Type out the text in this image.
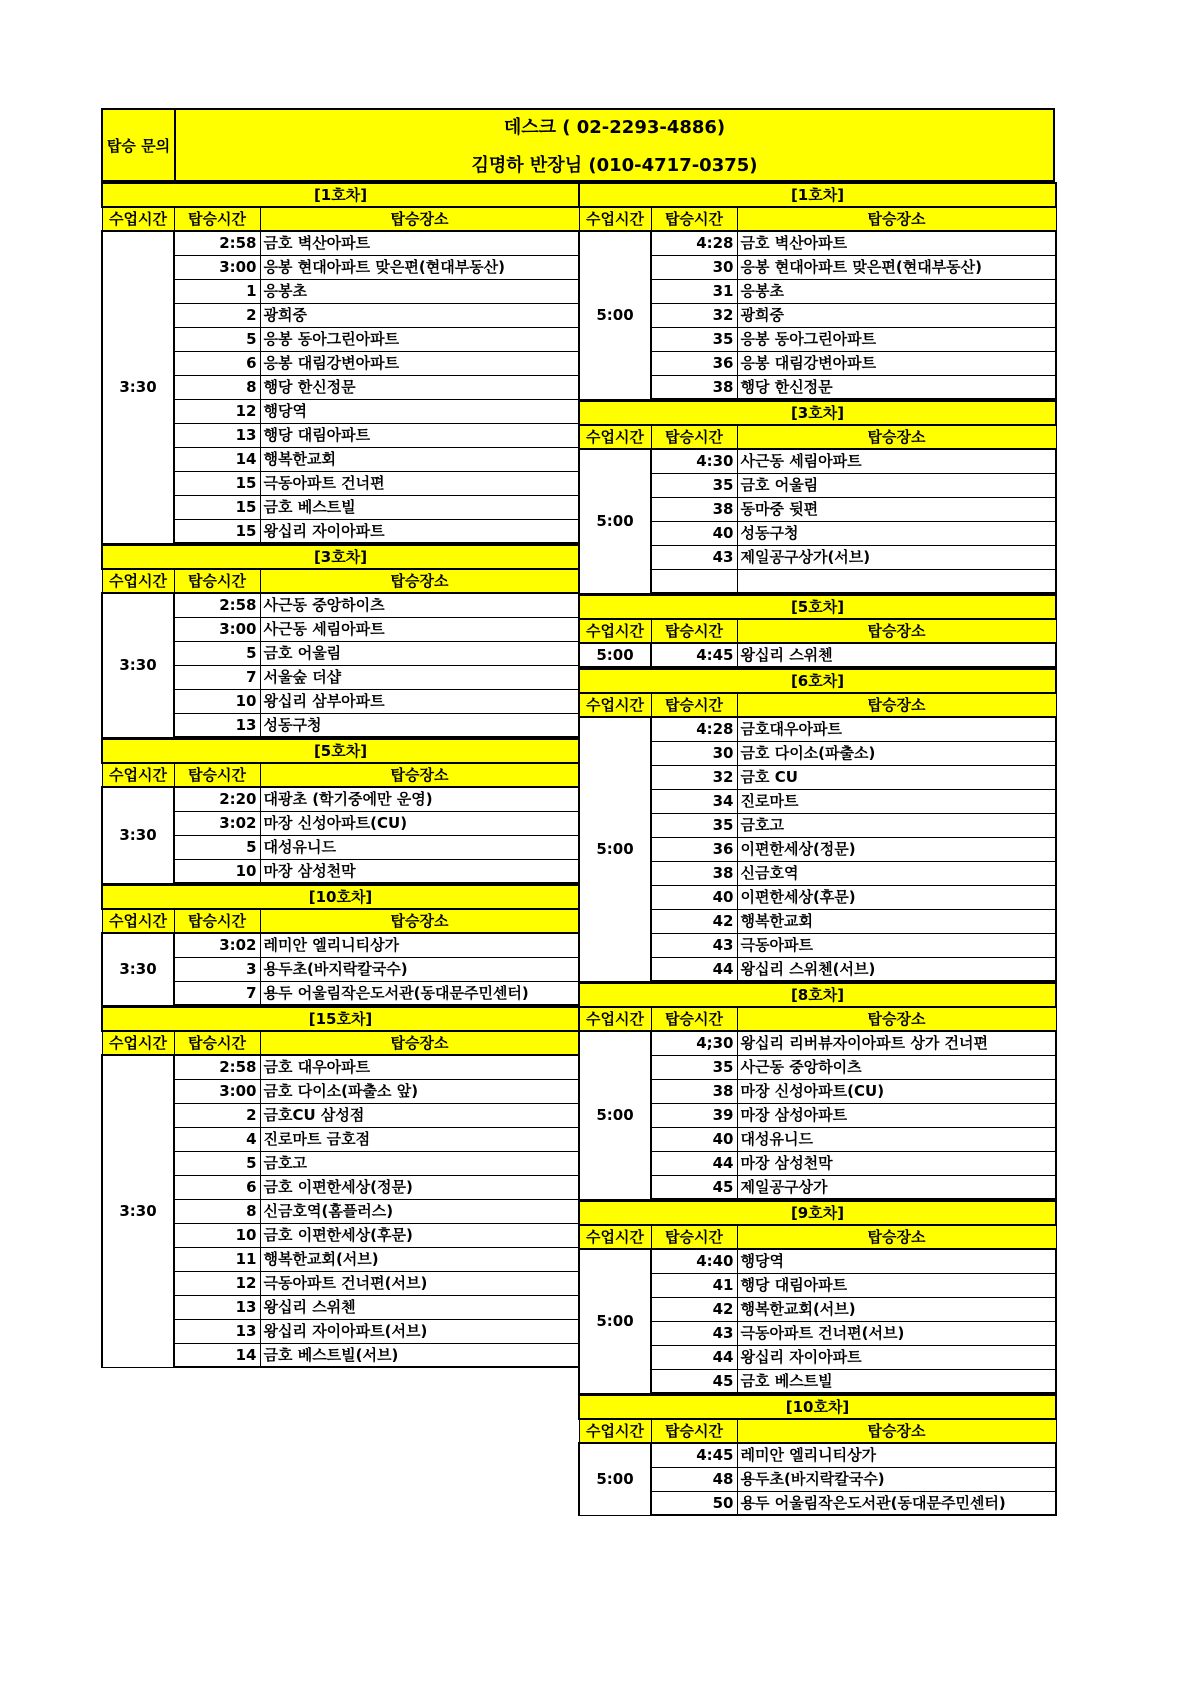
탑승 문의
데스크 ( 02-2293-4886)
김명하 반장님 (010-4717-0375)
[1호차]		
수업시간	탑승시간	탑승장소
3:30	2:58	금호 벽산아파트
	3:00	응봉 현대아파트 맞은편(현대부동산)
	1	응봉초
	2	광희중
	5	응봉 동아그린아파트
	6	응봉 대림강변아파트
	8	행당 한신정문
	12	행당역
	13	행당 대림아파트
	14	행복한교회
	15	극동아파트 건너편
	15	금호 베스트빌
	15	왕십리 자이아파트
[3호차]		
수업시간	탑승시간	탑승장소
3:30	2:58	사근동 중앙하이츠
	3:00	사근동 세림아파트
	5	금호 어울림
	7	서울숲 더샵
	10	왕십리 삼부아파트
	13	성동구청
[5호차]		
수업시간	탑승시간	탑승장소
3:30	2:20	대광초 (학기중에만 운영)
	3:02	마장 신성아파트(CU)
	5	대성유니드
	10	마장 삼성천막
[10호차]		
수업시간	탑승시간	탑승장소
3:30	3:02	레미안 엘리니티상가
	3	용두초(바지락칼국수)
	7	용두 어울림작은도서관(동대문주민센터)
[15호차]		
수업시간	탑승시간	탑승장소
3:30	2:58	금호 대우아파트
	3:00	금호 다이소(파출소 앞)
	2	금호CU 삼성점
	4	진로마트 금호점
	5	금호고
	6	금호 이편한세상(정문)
	8	신금호역(홈플러스)
	10	금호 이편한세상(후문)
	11	행복한교회(서브)
	12	극동아파트 건너편(서브)
	13	왕십리 스위첸
	13	왕십리 자이아파트(서브)
	14	금호 베스트빌(서브)
[1호차]		
수업시간	탑승시간	탑승장소
5:00	4:28	금호 벽산아파트
	30	응봉 현대아파트 맞은편(현대부동산)
	31	응봉초
	32	광희중
	35	응봉 동아그린아파트
	36	응봉 대림강변아파트
	38	행당 한신정문
[3호차]		
수업시간	탑승시간	탑승장소
5:00	4:30	사근동 세림아파트
	35	금호 어울림
	38	동마중 뒷편
	40	성동구청
	43	제일공구상가(서브)

[5호차]		
수업시간	탑승시간	탑승장소
5:00	4:45	왕십리 스위첸
[6호차]		
수업시간	탑승시간	탑승장소
5:00	4:28	금호대우아파트
	30	금호 다이소(파출소)
	32	금호 CU
	34	진로마트
	35	금호고
	36	이편한세상(정문)
	38	신금호역
	40	이편한세상(후문)
	42	행복한교회
	43	극동아파트
	44	왕십리 스위첸(서브)
[8호차]		
수업시간	탑승시간	탑승장소
5:00	4;30	왕십리 리버뷰자이아파트 상가 건너편
	35	사근동 중앙하이츠
	38	마장 신성아파트(CU)
	39	마장 삼성아파트
	40	대성유니드
	44	마장 삼성천막
	45	제일공구상가
[9호차]		
수업시간	탑승시간	탑승장소
5:00	4:40	행당역
	41	행당 대림아파트
	42	행복한교회(서브)
	43	극동아파트 건너편(서브)
	44	왕십리 자이아파트
	45	금호 베스트빌
[10호차]		
수업시간	탑승시간	탑승장소
5:00	4:45	레미안 엘리니티상가
	48	용두초(바지락칼국수)
	50	용두 어울림작은도서관(동대문주민센터)
